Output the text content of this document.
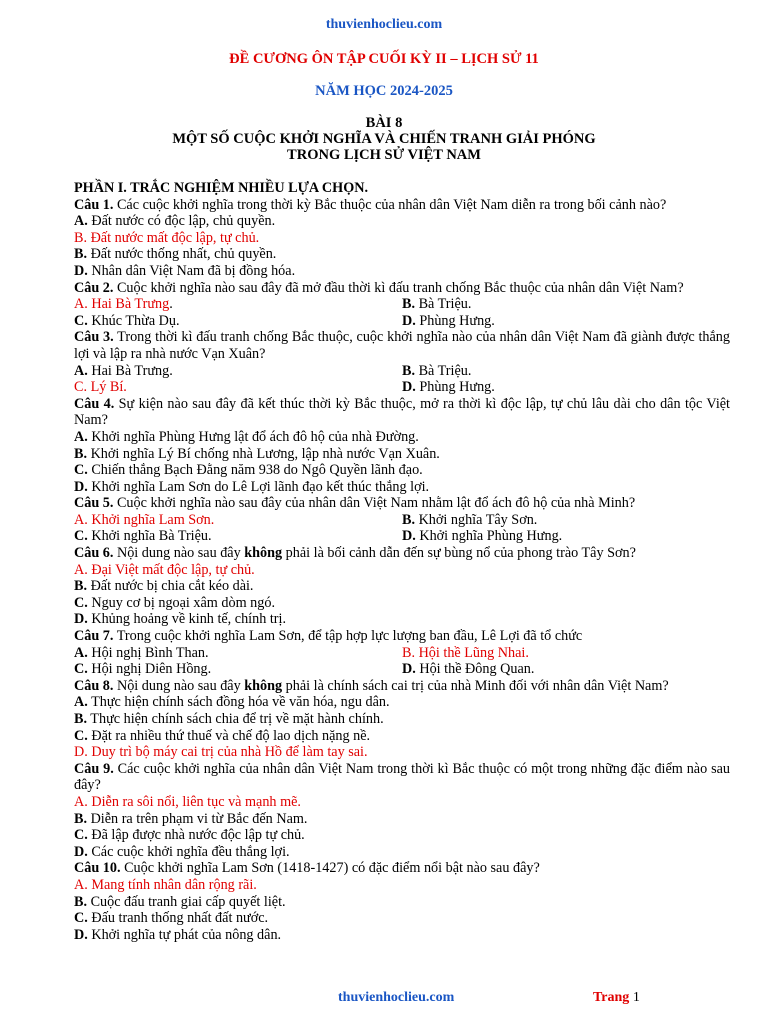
thuvienhoclieu.com
ĐỀ CƯƠNG ÔN TẬP CUỐI KỲ II – LỊCH SỬ 11
NĂM HỌC 2024-2025
BÀI 8
MỘT SỐ CUỘC KHỞI NGHĨA VÀ CHIẾN TRANH GIẢI PHÓNG
TRONG LỊCH SỬ VIỆT NAM
PHẦN I. TRẮC NGHIỆM NHIỀU LỰA CHỌN.
Câu 1. Các cuộc khởi nghĩa trong thời kỳ Bắc thuộc của nhân dân Việt Nam diễn ra trong bối cảnh nào?
A. Đất nước có độc lập, chủ quyền.
B. Đất nước mất độc lập, tự chủ.
B. Đất nước thống nhất, chủ quyền.
D. Nhân dân Việt Nam đã bị đồng hóa.
Câu 2. Cuộc khởi nghĩa nào sau đây đã mở đầu thời kì đấu tranh chống Bắc thuộc của nhân dân Việt Nam?
A. Hai Bà Trưng.	B. Bà Triệu.
C. Khúc Thừa Dụ.	D. Phùng Hưng.
Câu 3. Trong thời kì đấu tranh chống Bắc thuộc, cuộc khởi nghĩa nào của nhân dân Việt Nam đã giành được thắng lợi và lập ra nhà nước Vạn Xuân?
A. Hai Bà Trưng.	B. Bà Triệu.
C. Lý Bí.	D. Phùng Hưng.
Câu 4. Sự kiện nào sau đây đã kết thúc thời kỳ Bắc thuộc, mở ra thời kì độc lập, tự chủ lâu dài cho dân tộc Việt Nam?
A. Khởi nghĩa Phùng Hưng lật đổ ách đô hộ của nhà Đường.
B. Khởi nghĩa Lý Bí chống nhà Lương, lập nhà nước Vạn Xuân.
C. Chiến thắng Bạch Đằng năm 938 do Ngô Quyền lãnh đạo.
D. Khởi nghĩa Lam Sơn do Lê Lợi lãnh đạo kết thúc thắng lợi.
Câu 5. Cuộc khởi nghĩa nào sau đây của nhân dân Việt Nam nhằm lật đổ ách đô hộ của nhà Minh?
A. Khởi nghĩa Lam Sơn.	B. Khởi nghĩa Tây Sơn.
C. Khởi nghĩa Bà Triệu.	D. Khởi nghĩa Phùng Hưng.
Câu 6. Nội dung nào sau đây không phải là bối cảnh dẫn đến sự bùng nổ của phong trào Tây Sơn?
A. Đại Việt mất độc lập, tự chủ.
B. Đất nước bị chia cắt kéo dài.
C. Nguy cơ bị ngoại xâm dòm ngó.
D. Khủng hoảng về kinh tế, chính trị.
Câu 7. Trong cuộc khởi nghĩa Lam Sơn, để tập hợp lực lượng ban đầu, Lê Lợi đã tổ chức
A. Hội nghị Bình Than.	B. Hội thề Lũng Nhai.
C. Hội nghị Diên Hồng.	D. Hội thề Đông Quan.
Câu 8. Nội dung nào sau đây không phải là chính sách cai trị của nhà Minh đối với nhân dân Việt Nam?
A. Thực hiện chính sách đồng hóa về văn hóa, ngu dân.
B. Thực hiện chính sách chia để trị về mặt hành chính.
C. Đặt ra nhiều thứ thuế và chế độ lao dịch nặng nề.
D. Duy trì bộ máy cai trị của nhà Hồ để làm tay sai.
Câu 9. Các cuộc khởi nghĩa của nhân dân Việt Nam trong thời kì Bắc thuộc có một trong những đặc điểm nào sau đây?
A. Diễn ra sôi nổi, liên tục và mạnh mẽ.
B. Diễn ra trên phạm vi từ Bắc đến Nam.
C. Đã lập được nhà nước độc lập tự chủ.
D. Các cuộc khởi nghĩa đều thắng lợi.
Câu 10. Cuộc khởi nghĩa Lam Sơn (1418-1427) có đặc điểm nổi bật nào sau đây?
A. Mang tính nhân dân rộng rãi.
B. Cuộc đấu tranh giai cấp quyết liệt.
C. Đấu tranh thống nhất đất nước.
D. Khởi nghĩa tự phát của nông dân.
thuvienhoclieu.com	Trang 1
